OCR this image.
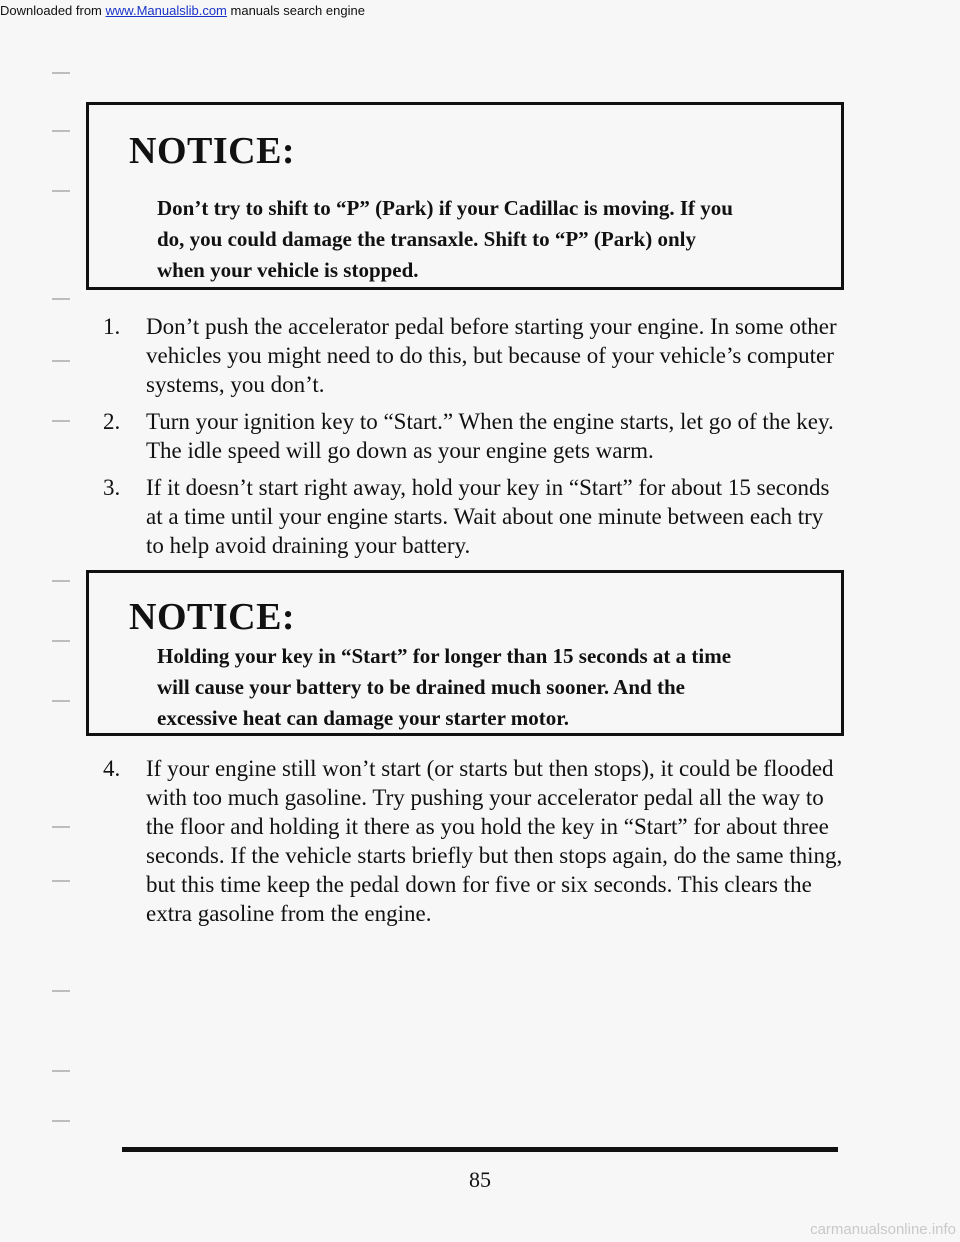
Downloaded from www.Manualslib.com manuals search engine
NOTICE:

Don’t try to shift to “P” (Park) if your Cadillac is moving. If you
do, you could damage the transaxle. Shift to “P” (Park) only
when your vehicle is stopped.

1. Don’t push the accelerator pedal before starting your engine. In some other vehicles you might need to do this, but because of your vehicle’s computer systems, you don’t.
2. Turn your ignition key to “Start.” When the engine starts, let go of the key. The idle speed will go down as your engine gets warm.
3. If it doesn’t start right away, hold your key in “Start” for about 15 seconds at a time until your engine starts. Wait about one minute between each try to help avoid draining your battery.
NOTICE:

Holding your key in “Start” for longer than 15 seconds at a time
will cause your battery to be drained much sooner. And the
excessive heat can damage your starter motor.

4. If your engine still won’t start (or starts but then stops), it could be flooded with too much gasoline. Try pushing your accelerator pedal all the way to the floor and holding it there as you hold the key in “Start” for about three seconds. If the vehicle starts briefly but then stops again, do the same thing, but this time keep the pedal down for five or six seconds. This clears the extra gasoline from the engine.
85
carmanualsonline.info
